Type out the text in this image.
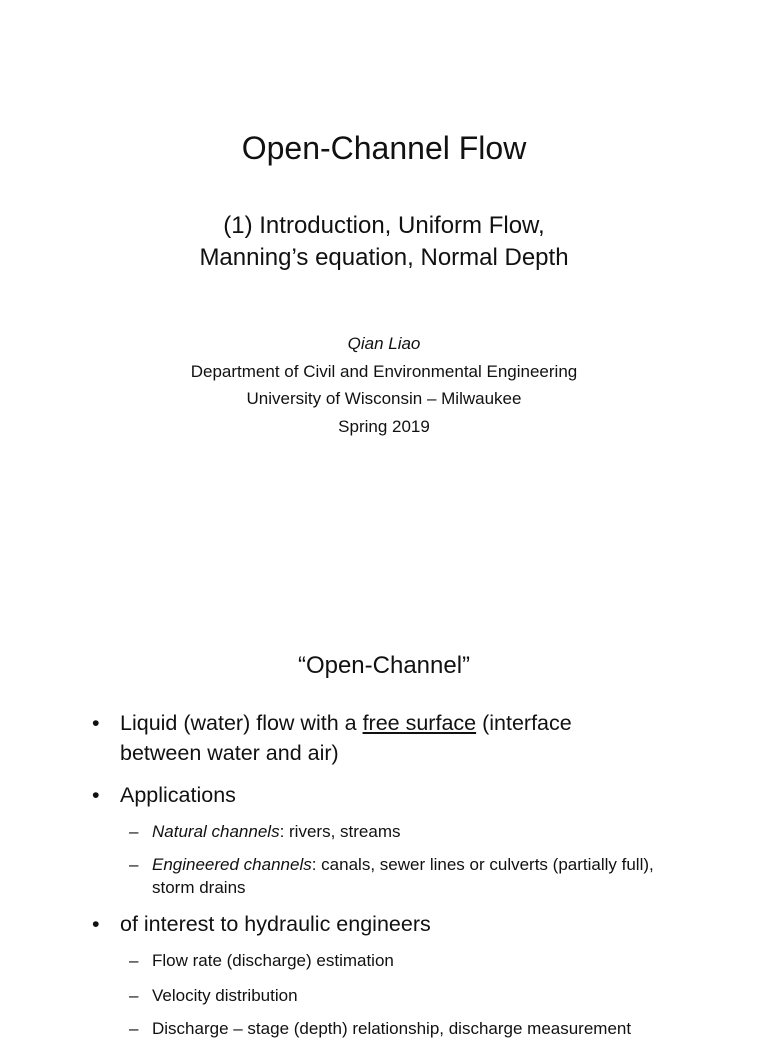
Open-Channel Flow
(1) Introduction, Uniform Flow,
Manning’s equation, Normal Depth
Qian Liao
Department of Civil and Environmental Engineering
University of Wisconsin – Milwaukee
Spring 2019
“Open-Channel”
• Liquid (water) flow with a free surface (interface between water and air)
• Applications
– Natural channels: rivers, streams
– Engineered channels: canals, sewer lines or culverts (partially full), storm drains
• of interest to hydraulic engineers
– Flow rate (discharge) estimation
– Velocity distribution
– Discharge – stage (depth) relationship, discharge measurement
